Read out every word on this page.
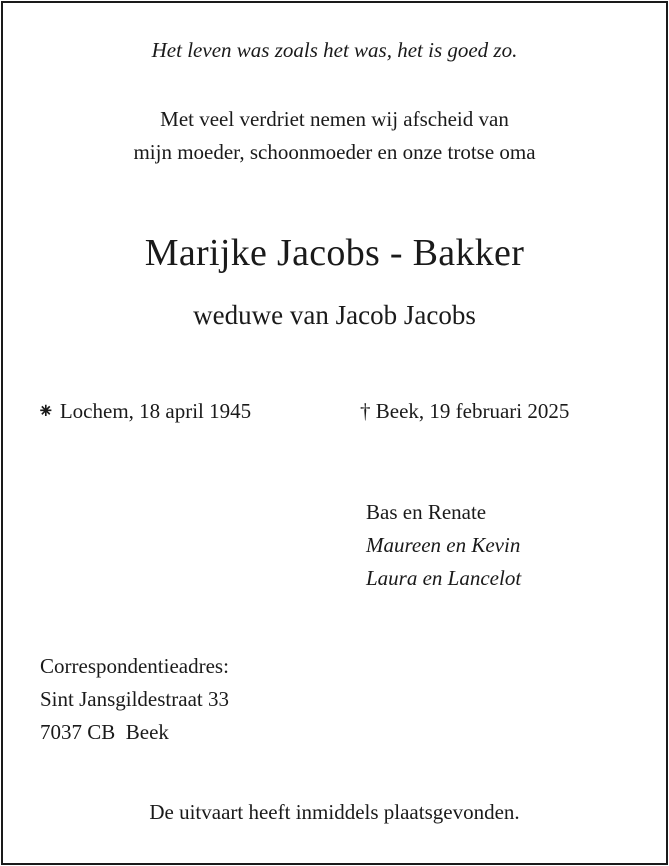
Het leven was zoals het was, het is goed zo.
Met veel verdriet nemen wij afscheid van
mijn moeder, schoonmoeder en onze trotse oma
Marijke Jacobs - Bakker
weduwe van Jacob Jacobs
⁕ Lochem, 18 april 1945	† Beek, 19 februari 2025
Bas en Renate
Maureen en Kevin
Laura en Lancelot
Correspondentieadres:
Sint Jansgildestraat 33
7037 CB  Beek
De uitvaart heeft inmiddels plaatsgevonden.
